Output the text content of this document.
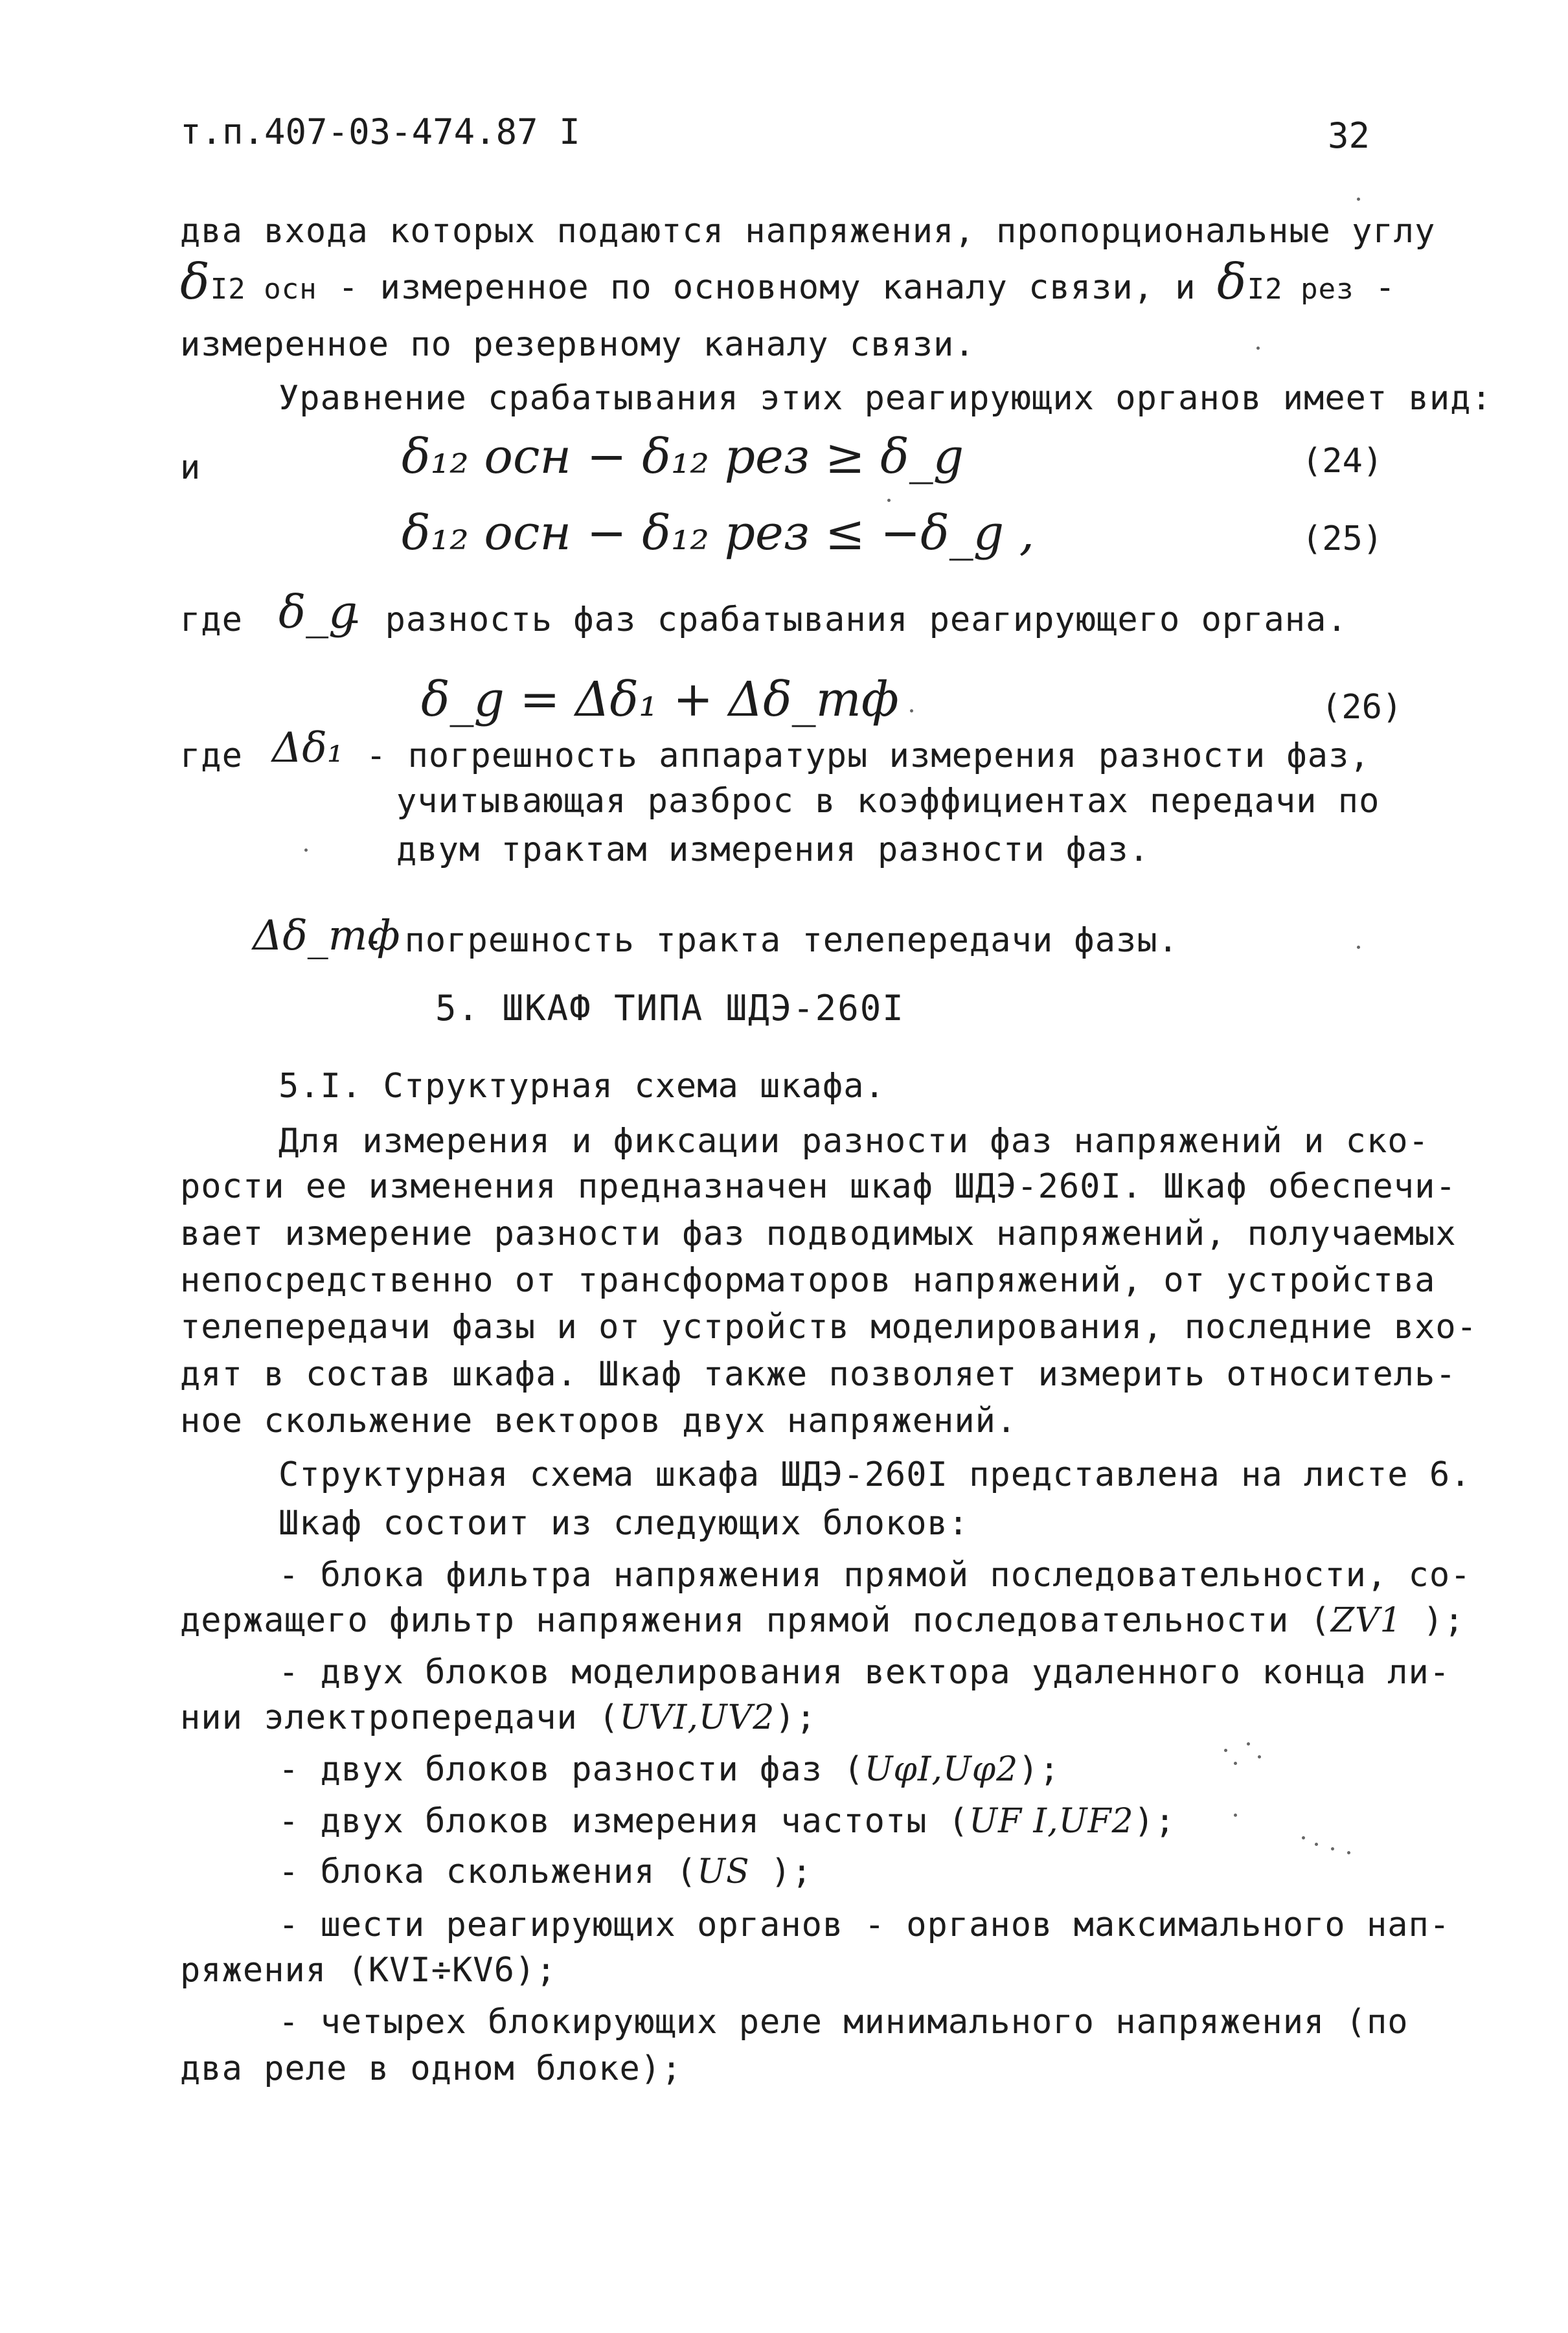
т.п.407-03-474.87 I	32
два входа которых подаются напряжения, пропорциональные углу
δI2 осн - измеренное по основному каналу связи, и δI2 рез -
измеренное по резервному каналу связи.
Уравнение срабатывания этих реагирующих органов имеет вид:
и	δ₁₂ осн − δ₁₂ рез ≥ δ_g	(24)
δ₁₂ осн − δ₁₂ рез ≤ −δ_g ,	(25)
где δ_g
- разность фаз срабатывания реагирующего органа.
δ_g = Δδ₁ + Δδ_тф	(26)
где Δδ₁ - погрешность аппаратуры измерения разности фаз,
учитывающая разброс в коэффициентах передачи по
двум трактам измерения разности фаз.
Δδ_тф
- погрешность тракта телепередачи фазы.
5. ШКАФ ТИПА ШДЭ-260I
5.I. Структурная схема шкафа.
Для измерения и фиксации разности фаз напряжений и ско-
рости ее изменения предназначен шкаф ШДЭ-260I. Шкаф обеспечи-
вает измерение разности фаз подводимых напряжений, получаемых
непосредственно от трансформаторов напряжений, от устройства
телепередачи фазы и от устройств моделирования, последние вхо-
дят в состав шкафа. Шкаф также позволяет измерить относитель-
ное скольжение векторов двух напряжений.
Структурная схема шкафа ШДЭ-260I представлена на листе 6.
Шкаф состоит из следующих блоков:
- блока фильтра напряжения прямой последовательности, со-
держащего фильтр напряжения прямой последовательности (ZV1 );
- двух блоков моделирования вектора удаленного конца ли-
нии электропередачи (UVI,UV2);
- двух блоков разности фаз (UφI,Uφ2);
- двух блоков измерения частоты (UF I,UF2);
- блока скольжения (US );
- шести реагирующих органов - органов максимального нап-
ряжения (KVI÷KV6);
- четырех блокирующих реле минимального напряжения (по
два реле в одном блоке);
